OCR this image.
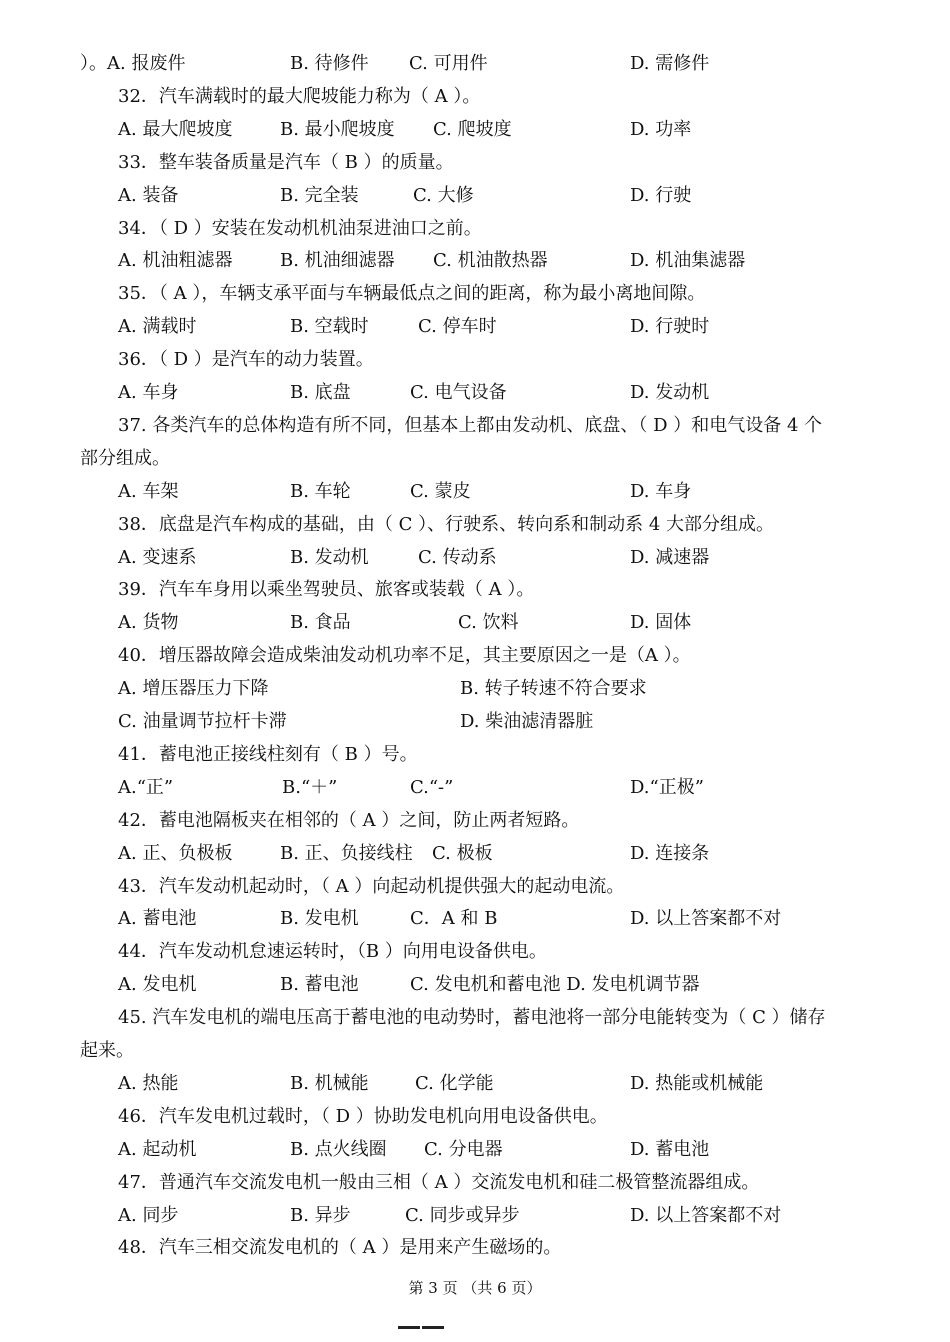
）。A. 报废件	B. 待修件 C. 可用件	D. 需修件
32．汽车满载时的最大爬坡能力称为（ A ）。
A. 最大爬坡度	B. 最小爬坡度 C. 爬坡度	D. 功率
33．整车装备质量是汽车（ B ）的质量。
A. 装备	B. 完全装	C. 大修	D. 行驶
34．（ D ）安装在发动机机油泵进油口之前。
A. 机油粗滤器	B. 机油细滤器 C. 机油散热器	D. 机油集滤器
35．（ A ），车辆支承平面与车辆最低点之间的距离，称为最小离地间隙。
A. 满载时	B. 空载时	C. 停车时	D. 行驶时
36．（ D ）是汽车的动力装置。
A. 车身	B. 底盘	C. 电气设备	D. 发动机
37. 各类汽车的总体构造有所不同，但基本上都由发动机、底盘、（ D ）和电气设备 4 个
部分组成。
A. 车架	B. 车轮	C. 蒙皮	D. 车身
38．底盘是汽车构成的基础，由（ C ）、行驶系、转向系和制动系 4 大部分组成。
A. 变速系	B. 发动机	C. 传动系	D. 减速器
39．汽车车身用以乘坐驾驶员、旅客或装载（ A ）。
A. 货物	B. 食品	C. 饮料	D. 固体
40．增压器故障会造成柴油发动机功率不足，其主要原因之一是（A ）。
A. 增压器压力下降	B. 转子转速不符合要求
C. 油量调节拉杆卡滞	D. 柴油滤清器脏
41．蓄电池正接线柱刻有（ B ）号。
A.“正”	B.“＋”	C.“-”	D.“正极”
42．蓄电池隔板夹在相邻的（ A ）之间，防止两者短路。
A. 正、负极板	B. 正、负接线柱 C. 极板	D. 连接条
43．汽车发动机起动时，（ A ）向起动机提供强大的起动电流。
A. 蓄电池	B. 发电机	C．A 和 B	D. 以上答案都不对
44．汽车发动机怠速运转时，（B ）向用电设备供电。
A. 发电机	B. 蓄电池	C. 发电机和蓄电池 D. 发电机调节器
45. 汽车发电机的端电压高于蓄电池的电动势时，蓄电池将一部分电能转变为（ C ）储存
起来。
A. 热能	B. 机械能	C. 化学能	D. 热能或机械能
46．汽车发电机过载时，（ D ）协助发电机向用电设备供电。
A. 起动机	B. 点火线圈 C. 分电器	D. 蓄电池
47．普通汽车交流发电机一般由三相（ A ）交流发电机和硅二极管整流器组成。
A. 同步	B. 异步	C. 同步或异步	D. 以上答案都不对
48．汽车三相交流发电机的（ A ）是用来产生磁场的。
第 3 页 （共 6 页）
